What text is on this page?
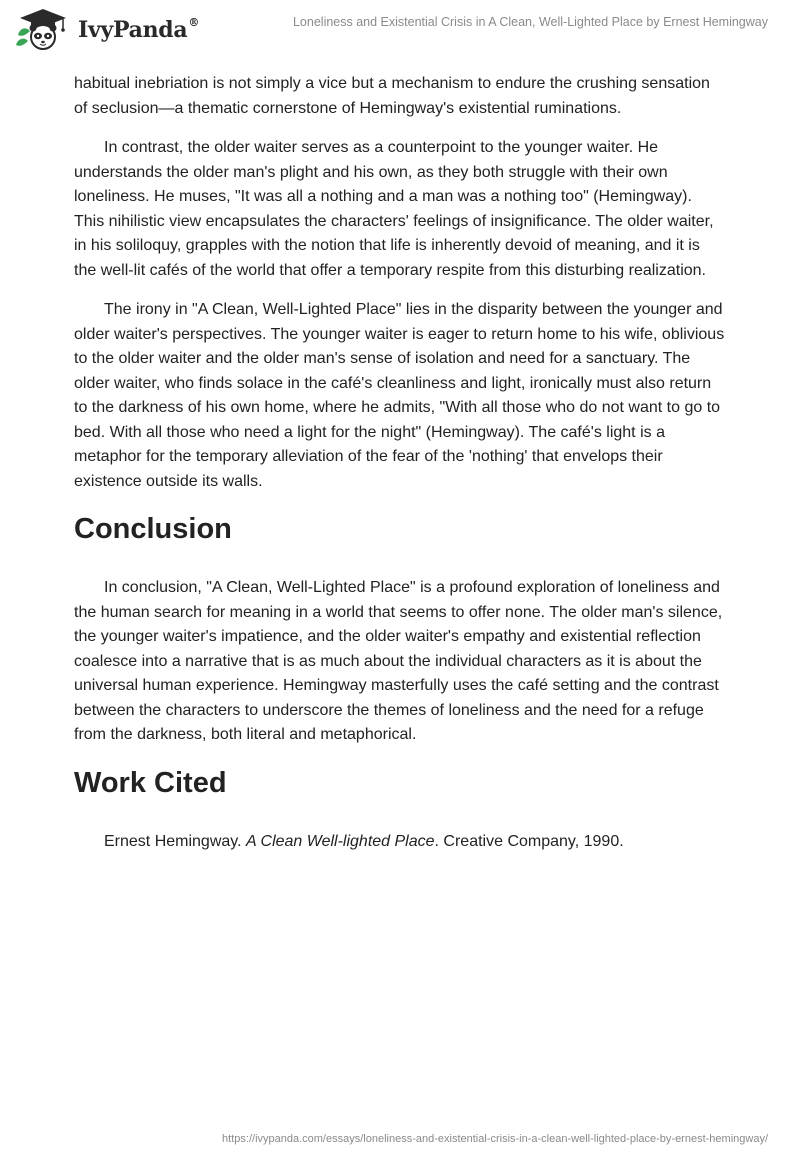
IvyPanda®	Loneliness and Existential Crisis in A Clean, Well-Lighted Place by Ernest Hemingway

habitual inebriation is not simply a vice but a mechanism to endure the crushing sensation of seclusion—a thematic cornerstone of Hemingway's existential ruminations.

In contrast, the older waiter serves as a counterpoint to the younger waiter. He understands the older man's plight and his own, as they both struggle with their own loneliness. He muses, "It was all a nothing and a man was a nothing too" (Hemingway). This nihilistic view encapsulates the characters' feelings of insignificance. The older waiter, in his soliloquy, grapples with the notion that life is inherently devoid of meaning, and it is the well-lit cafés of the world that offer a temporary respite from this disturbing realization.

The irony in "A Clean, Well-Lighted Place" lies in the disparity between the younger and older waiter's perspectives. The younger waiter is eager to return home to his wife, oblivious to the older waiter and the older man's sense of isolation and need for a sanctuary. The older waiter, who finds solace in the café's cleanliness and light, ironically must also return to the darkness of his own home, where he admits, "With all those who do not want to go to bed. With all those who need a light for the night" (Hemingway). The café's light is a metaphor for the temporary alleviation of the fear of the 'nothing' that envelops their existence outside its walls.

Conclusion

In conclusion, "A Clean, Well-Lighted Place" is a profound exploration of loneliness and the human search for meaning in a world that seems to offer none. The older man's silence, the younger waiter's impatience, and the older waiter's empathy and existential reflection coalesce into a narrative that is as much about the individual characters as it is about the universal human experience. Hemingway masterfully uses the café setting and the contrast between the characters to underscore the themes of loneliness and the need for a refuge from the darkness, both literal and metaphorical.

Work Cited

Ernest Hemingway. A Clean Well-lighted Place. Creative Company, 1990.

https://ivypanda.com/essays/loneliness-and-existential-crisis-in-a-clean-well-lighted-place-by-ernest-hemingway/
